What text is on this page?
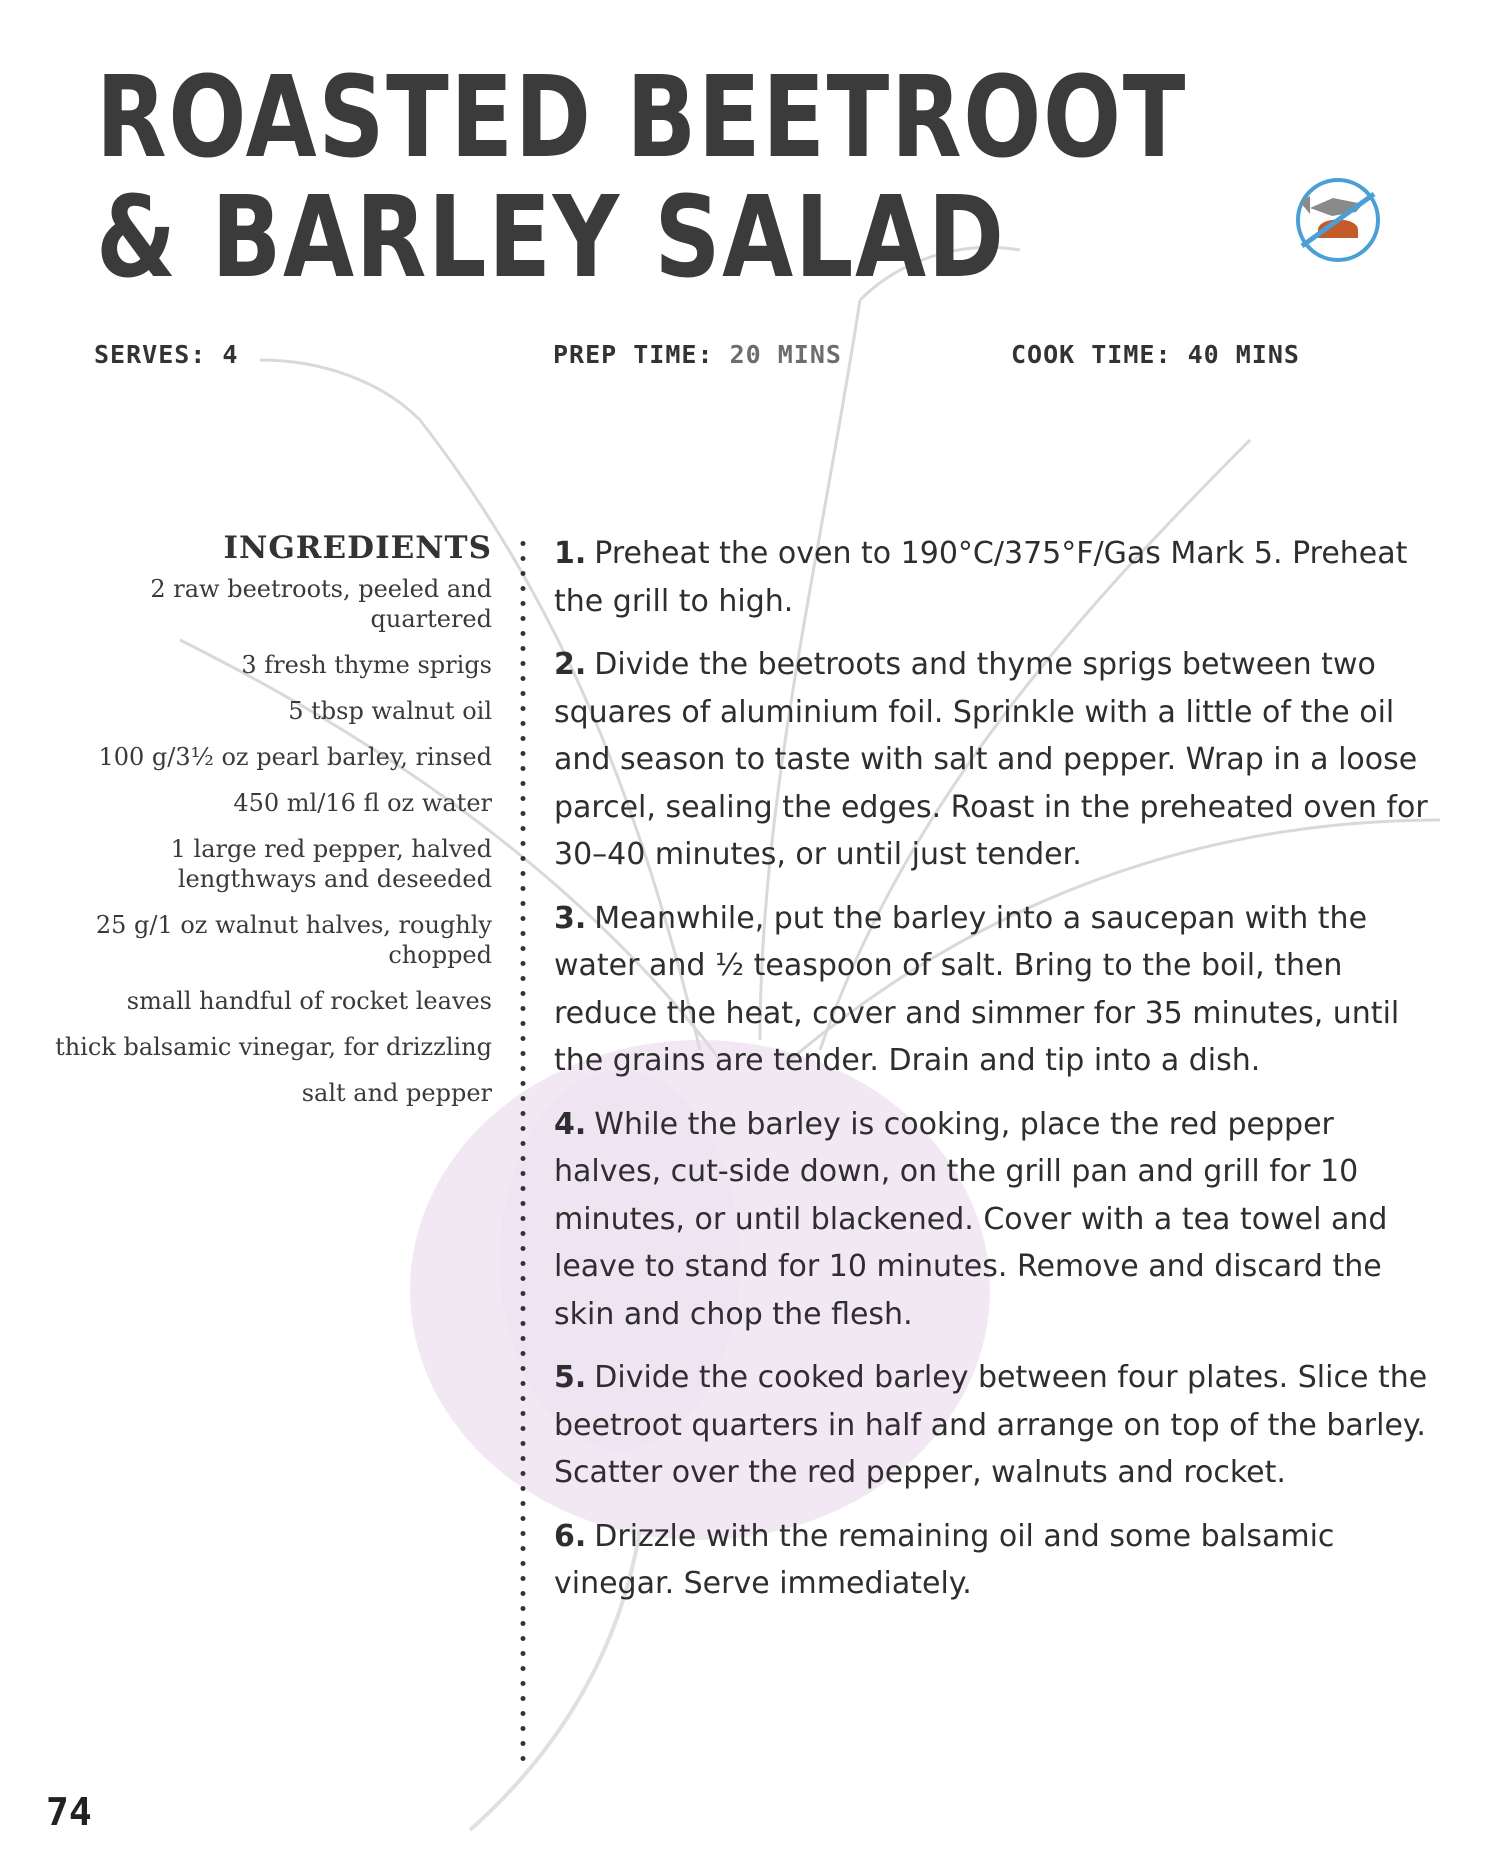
ROASTED BEETROOT
& BARLEY SALAD
SERVES: 4	PREP TIME: 20 MINS	COOK TIME: 40 MINS
INGREDIENTS
2 raw beetroots, peeled and quartered
3 fresh thyme sprigs
5 tbsp walnut oil
100 g/3½ oz pearl barley, rinsed
450 ml/16 fl oz water
1 large red pepper, halved lengthways and deseeded
25 g/1 oz walnut halves, roughly chopped
small handful of rocket leaves
thick balsamic vinegar, for drizzling
salt and pepper
1. Preheat the oven to 190°C/375°F/Gas Mark 5. Preheat the grill to high.
2. Divide the beetroots and thyme sprigs between two squares of aluminium foil. Sprinkle with a little of the oil and season to taste with salt and pepper. Wrap in a loose parcel, sealing the edges. Roast in the preheated oven for 30–40 minutes, or until just tender.
3. Meanwhile, put the barley into a saucepan with the water and ½ teaspoon of salt. Bring to the boil, then reduce the heat, cover and simmer for 35 minutes, until the grains are tender. Drain and tip into a dish.
4. While the barley is cooking, place the red pepper halves, cut-side down, on the grill pan and grill for 10 minutes, or until blackened. Cover with a tea towel and leave to stand for 10 minutes. Remove and discard the skin and chop the flesh.
5. Divide the cooked barley between four plates. Slice the beetroot quarters in half and arrange on top of the barley. Scatter over the red pepper, walnuts and rocket.
6. Drizzle with the remaining oil and some balsamic vinegar. Serve immediately.
74
